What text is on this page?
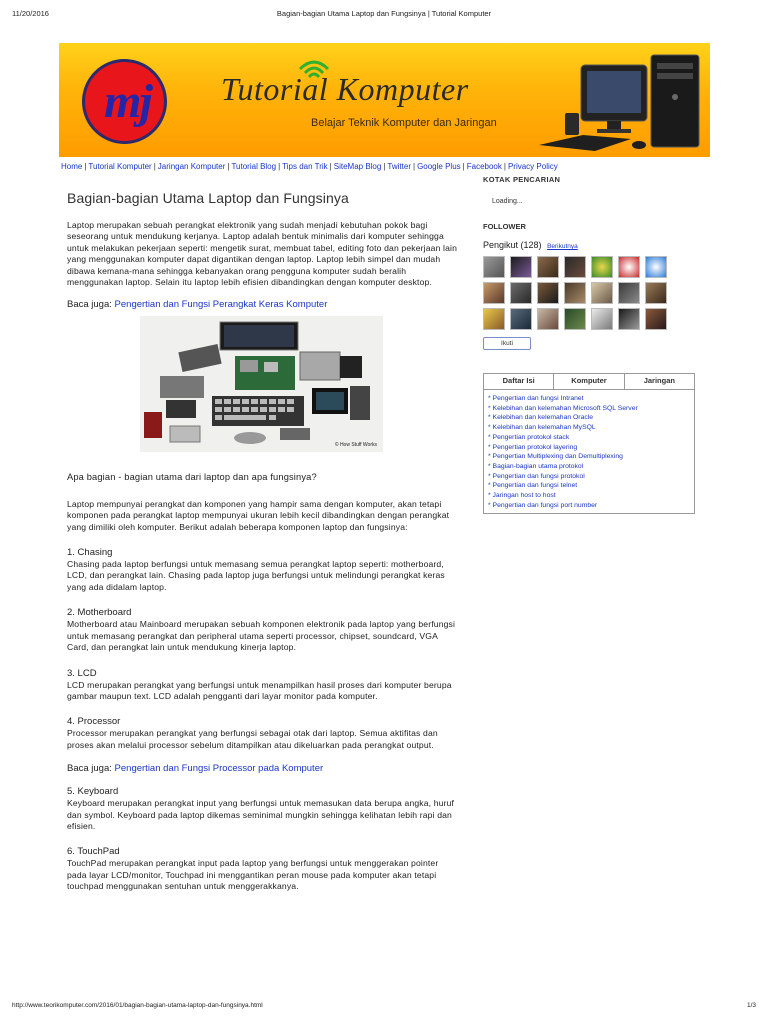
11/20/2016	Bagian-bagian Utama Laptop dan Fungsinya | Tutorial Komputer
mj	Tutorial Komputer
Belajar Teknik Komputer dan Jaringan
Home | Tutorial Komputer | Jaringan Komputer | Tutorial Blog | Tips dan Trik | SiteMap Blog | Twitter | Google Plus | Facebook | Privacy Policy
Bagian-bagian Utama Laptop dan Fungsinya
Laptop merupakan sebuah perangkat elektronik yang sudah menjadi kebutuhan pokok bagi seseorang untuk mendukung kerjanya. Laptop adalah bentuk minimalis dari komputer sehingga untuk melakukan pekerjaan seperti: mengetik surat, membuat tabel, editing foto dan pekerjaan lain yang menggunakan komputer dapat digantikan dengan laptop. Laptop lebih simpel dan mudah dibawa kemana-mana sehingga kebanyakan orang pengguna komputer sudah beralih menggunakan laptop. Selain itu laptop lebih efisien dibandingkan dengan komputer desktop.
Baca juga: Pengertian dan Fungsi Perangkat Keras Komputer
© How Stuff Works
Apa bagian - bagian utama dari laptop dan apa fungsinya?
Laptop mempunyai perangkat dan komponen yang hampir sama dengan komputer, akan tetapi komponen pada perangkat laptop mempunyai ukuran lebih kecil dibandingkan dengan perangkat yang dimiliki oleh komputer. Berikut adalah beberapa komponen laptop dan fungsinya:
1. Chasing
Chasing pada laptop berfungsi untuk memasang semua perangkat laptop seperti: motherboard, LCD, dan perangkat lain. Chasing pada laptop juga berfungsi untuk melindungi perangkat keras yang ada didalam laptop.
2. Motherboard
Motherboard atau Mainboard merupakan sebuah komponen elektronik pada laptop yang berfungsi untuk memasang perangkat dan peripheral utama seperti processor, chipset, soundcard, VGA Card, dan perangkat lain untuk mendukung kinerja laptop.
3. LCD
LCD merupakan perangkat yang berfungsi untuk menampilkan hasil proses dari komputer berupa gambar maupun text. LCD adalah pengganti dari layar monitor pada komputer.
4. Processor
Processor merupakan perangkat yang berfungsi sebagai otak dari laptop. Semua aktifitas dan proses akan melalui processor sebelum ditampilkan atau dikeluarkan pada perangkat output.
Baca juga: Pengertian dan Fungsi Processor pada Komputer
5. Keyboard
Keyboard merupakan perangkat input yang berfungsi untuk memasukan data berupa angka, huruf dan symbol. Keyboard pada laptop dikemas seminimal mungkin sehingga kelihatan lebih rapi dan efisien.
6. TouchPad
TouchPad merupakan perangkat input pada laptop yang berfungsi untuk menggerakan pointer pada layar LCD/monitor, Touchpad ini menggantikan peran mouse pada komputer akan tetapi touchpad menggunakan sentuhan untuk menggerakkanya.
KOTAK PENCARIAN
Loading...
FOLLOWER
Pengikut (128) Berikutnya
Ikuti
Daftar Isi	Komputer	Jaringan
* Pengertian dan fungsi Intranet
* Kelebihan dan kelemahan Microsoft SQL Server
* Kelebihan dan kelemahan Oracle
* Kelebihan dan kelemahan MySQL
* Pengertian protokol stack
* Pengertian protokol layering
* Pengertian Multiplexing dan Demultiplexing
* Bagian-bagian utama protokol
* Pengertian dan fungsi protokol
* Pengertian dan fungsi telnet
* Jaringan host to host
* Pengertian dan fungsi port number
http://www.teorikomputer.com/2016/01/bagian-bagian-utama-laptop-dan-fungsinya.html	1/3
